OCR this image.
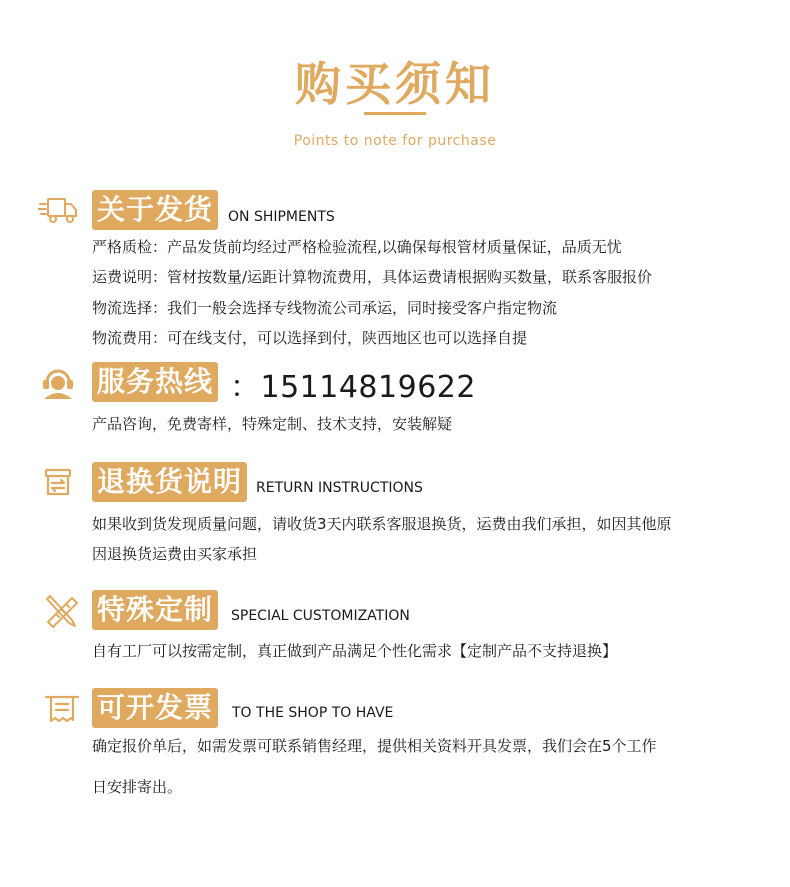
购买须知
Points to note for purchase
关于发货	ON SHIPMENTS
严格质检：产品发货前均经过严格检验流程,以确保每根管材质量保证，品质无忧
运费说明：管材按数量/运距计算物流费用，具体运费请根据购买数量，联系客服报价
物流选择：我们一般会选择专线物流公司承运，同时接受客户指定物流
物流费用：可在线支付，可以选择到付，陕西地区也可以选择自提
服务热线 ：15114819622
产品咨询，免费寄样，特殊定制、技术支持，安装解疑
退换货说明 RETURN INSTRUCTIONS
如果收到货发现质量问题，请收货3天内联系客服退换货，运费由我们承担，如因其他原
因退换货运费由买家承担
特殊定制	SPECIAL CUSTOMIZATION
自有工厂可以按需定制，真正做到产品满足个性化需求【定制产品不支持退换】
可开发票	TO THE SHOP TO HAVE
确定报价单后，如需发票可联系销售经理，提供相关资料开具发票，我们会在5个工作
日安排寄出。
